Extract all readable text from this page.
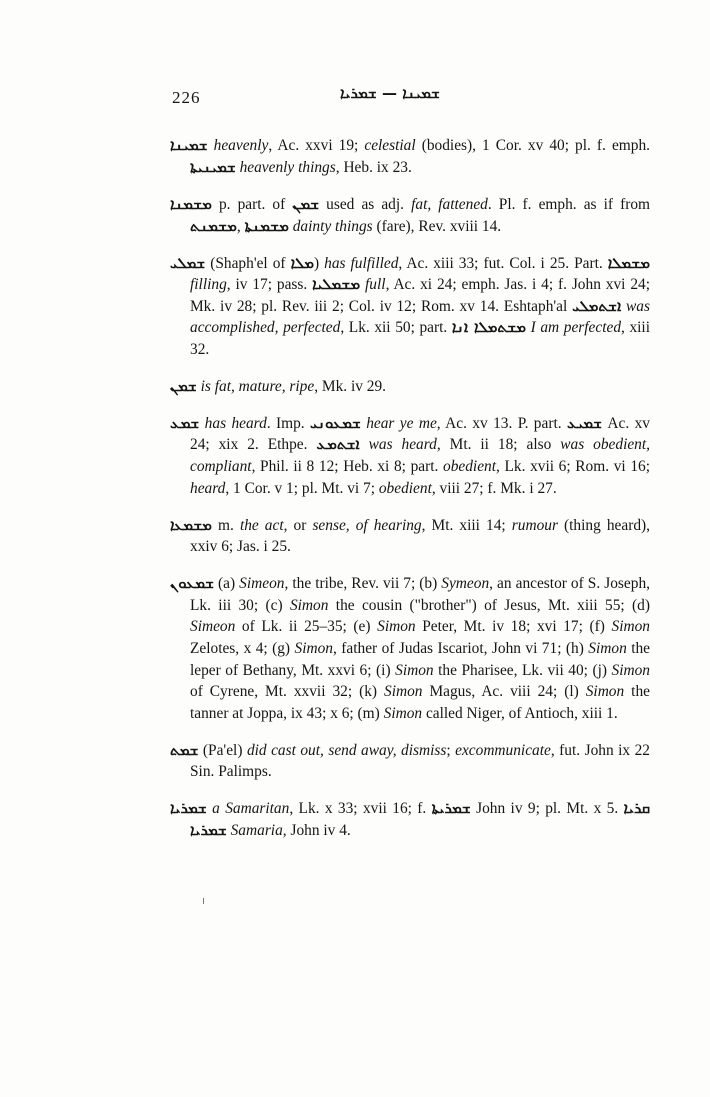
226	ܫܡܝܢܐ — ܫܡܪܝܐ

ܫܡܝܢܐ heavenly, Ac. xxvi 19; celestial (bodies), 1 Cor. xv 40; pl. f. emph. ܫܡܝܢܝܬܐ heavenly things, Heb. ix 23.

ܡܫܡܢܐ p. part. of ܫܡܢ used as adj. fat, fattened. Pl. f. emph. as if from ܡܫܡܢܬ, ܡܫܡܢܬܐ dainty things (fare), Rev. xviii 14.

ܫܡܠܝ (Shaph'el of ܡܠܐ) has fulfilled, Ac. xiii 33; fut. Col. i 25. Part. ܡܫܡܠܐ filling, iv 17; pass. ܡܫܡܠܝܐ full, Ac. xi 24; emph. Jas. i 4; f. John xvi 24; Mk. iv 28; pl. Rev. iii 2; Col. iv 12; Rom. xv 14. Eshtaph'al ܐܫܬܡܠܝ was accomplished, perfected, Lk. xii 50; part. ܡܫܬܡܠܐ ܐܢܐ I am perfected, xiii 32.

ܫܡܢ is fat, mature, ripe, Mk. iv 29.

ܫܡܥ has heard. Imp. ܫܡܥܘܢܝ hear ye me, Ac. xv 13. P. part. ܫܡܝܥ Ac. xv 24; xix 2. Ethpe. ܐܫܬܡܥ was heard, Mt. ii 18; also was obedient, compliant, Phil. ii 8 12; Heb. xi 8; part. obedient, Lk. xvii 6; Rom. vi 16; heard, 1 Cor. v 1; pl. Mt. vi 7; obedient, viii 27; f. Mk. i 27.

ܡܫܡܥܐ m. the act, or sense, of hearing, Mt. xiii 14; rumour (thing heard), xxiv 6; Jas. i 25.

ܫܡܥܘܢ (a) Simeon, the tribe, Rev. vii 7; (b) Symeon, an ancestor of S. Joseph, Lk. iii 30; (c) Simon the cousin ("brother") of Jesus, Mt. xiii 55; (d) Simeon of Lk. ii 25–35; (e) Simon Peter, Mt. iv 18; xvi 17; (f) Simon Zelotes, x 4; (g) Simon, father of Judas Iscariot, John vi 71; (h) Simon the leper of Bethany, Mt. xxvi 6; (i) Simon the Pharisee, Lk. vii 40; (j) Simon of Cyrene, Mt. xxvii 32; (k) Simon Magus, Ac. viii 24; (l) Simon the tanner at Joppa, ix 43; x 6; (m) Simon called Niger, of Antioch, xiii 1.

ܫܡܬ (Pa'el) did cast out, send away, dismiss; excommunicate, fut. John ix 22 Sin. Palimps.

ܫܡܪܝܐ a Samaritan, Lk. x 33; xvii 16; f. ܫܡܪܝܬܐ John iv 9; pl. Mt. x 5. ܩܪܝܐ ܫܡܪܝܐ Samaria, John iv 4.
